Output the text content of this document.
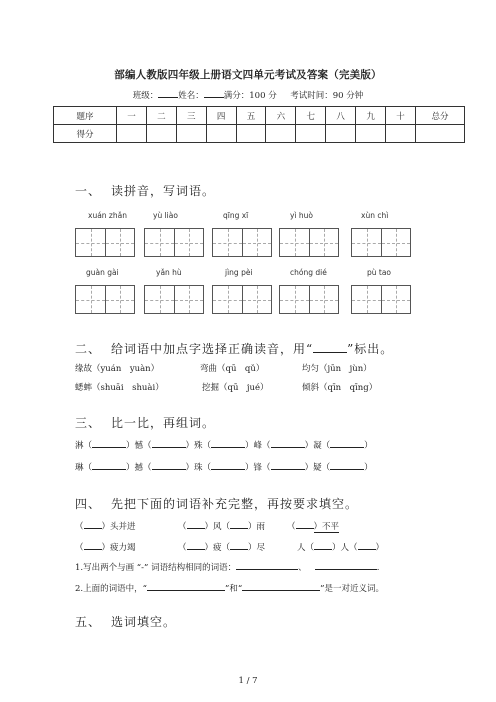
部编人教版四年级上册语文四单元考试及答案（完美版）
班级： 姓名： 满分：100 分 考试时间：90 分钟
题序	一	二	三	四	五	六	七	八	九	十	总分
得分											
一、 读拼音，写词语。
xuán zhǎn	yù liào	qīng xī	yì huò	xùn chì
guàn gài	yǎn hù	jìng pèi	chóng dié	pù tao
二、 给词语中加点字选择正确读音，用“	”标出。
缘故（yuán　yuàn）	弯曲（qū　qǔ）	均匀（jūn　jùn）
蟋蟀（shuāi　shuài）	挖掘（qū　jué）	倾斜（qīn　qīng）
三、 比一比，再组词。
淋（	）憾（	）殊（	）峰（	）凝（	）
琳（	）撼（	）珠（	）锋（	）疑（	）
四、 先把下面的词语补充完整，再按要求填空。
（ ）头并进	（ ）风（ ）雨	（ ）不平
（ ）疲力竭	（ ）疲（ ）尽	人（ ）人（ ）
1.写出两个与画 “-” 词语结构相同的词语：	、	.
2.上面的词语中，“	”和“	”是一对近义词。
五、 选词填空。
1 / 7
